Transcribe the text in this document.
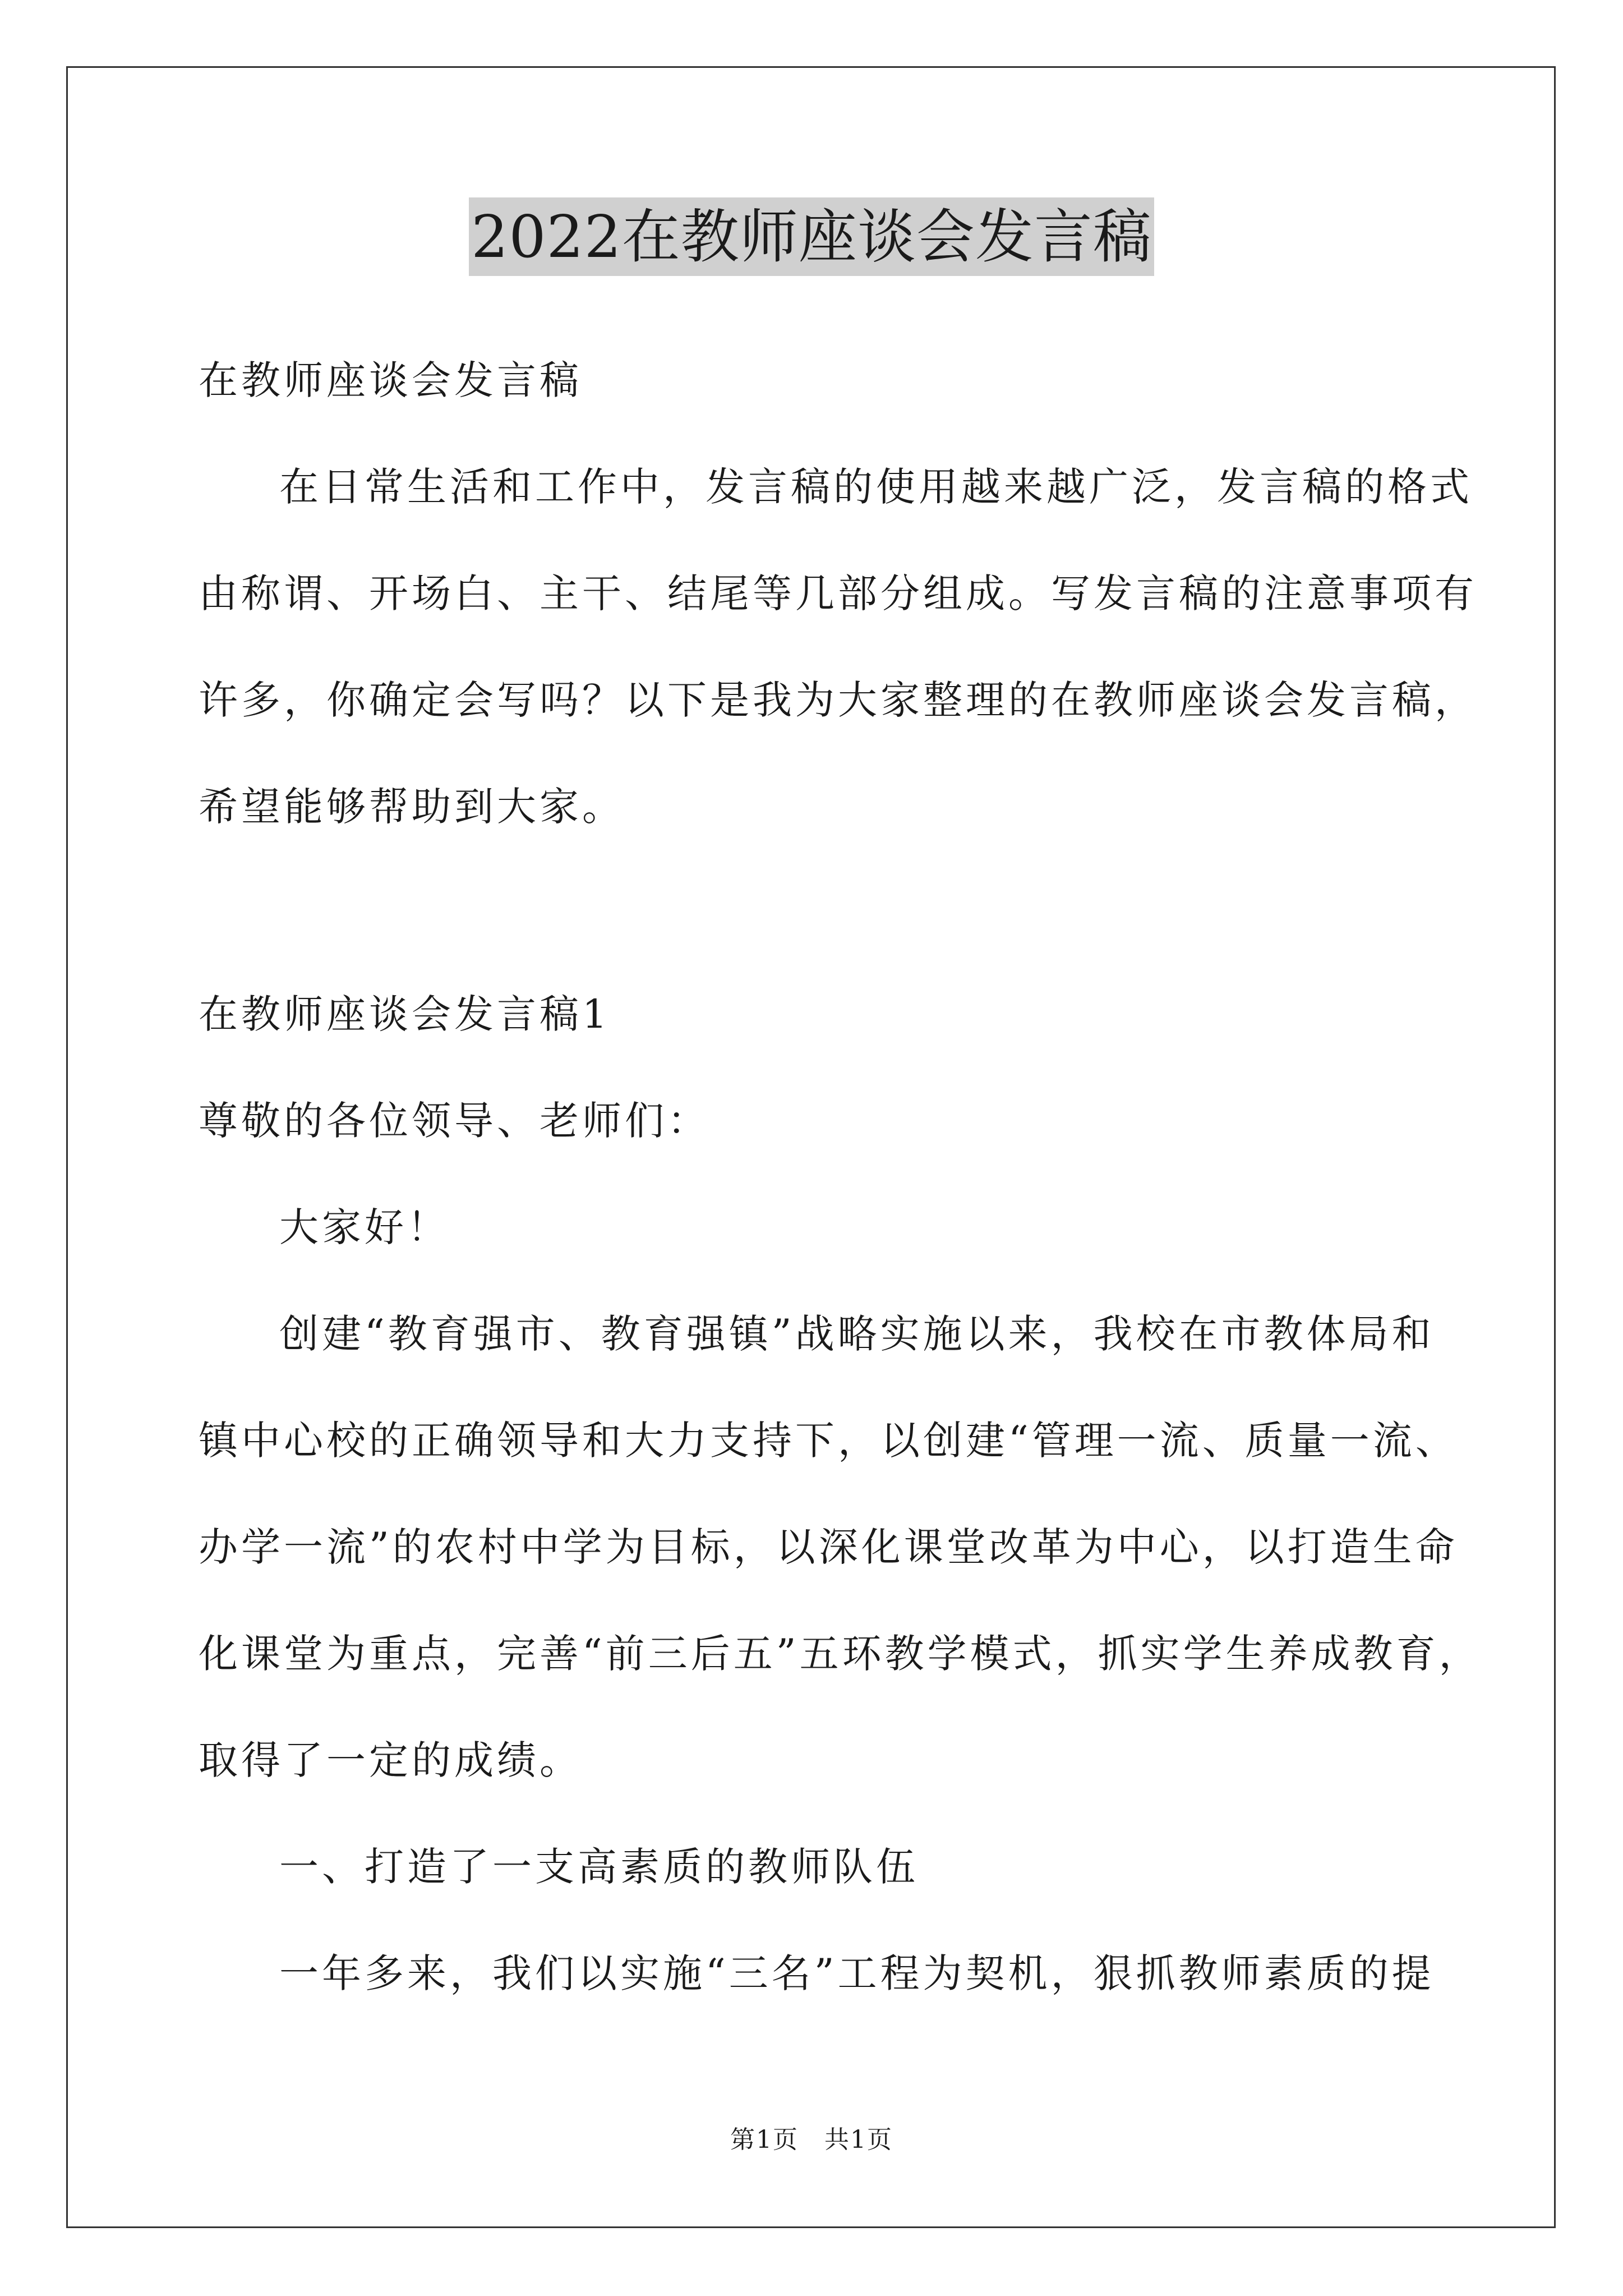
2022在教师座谈会发言稿
在教师座谈会发言稿
在日常生活和工作中，发言稿的使用越来越广泛，发言稿的格式
由称谓、开场白、主干、结尾等几部分组成。写发言稿的注意事项有
许多，你确定会写吗？以下是我为大家整理的在教师座谈会发言稿，
希望能够帮助到大家。
在教师座谈会发言稿1
尊敬的各位领导、老师们：
大家好！
创建“教育强市、教育强镇”战略实施以来，我校在市教体局和
镇中心校的正确领导和大力支持下，以创建“管理一流、质量一流、
办学一流”的农村中学为目标，以深化课堂改革为中心，以打造生命
化课堂为重点，完善“前三后五”五环教学模式，抓实学生养成教育，
取得了一定的成绩。
一、打造了一支高素质的教师队伍
一年多来，我们以实施“三名”工程为契机，狠抓教师素质的提
第1页　共1页
